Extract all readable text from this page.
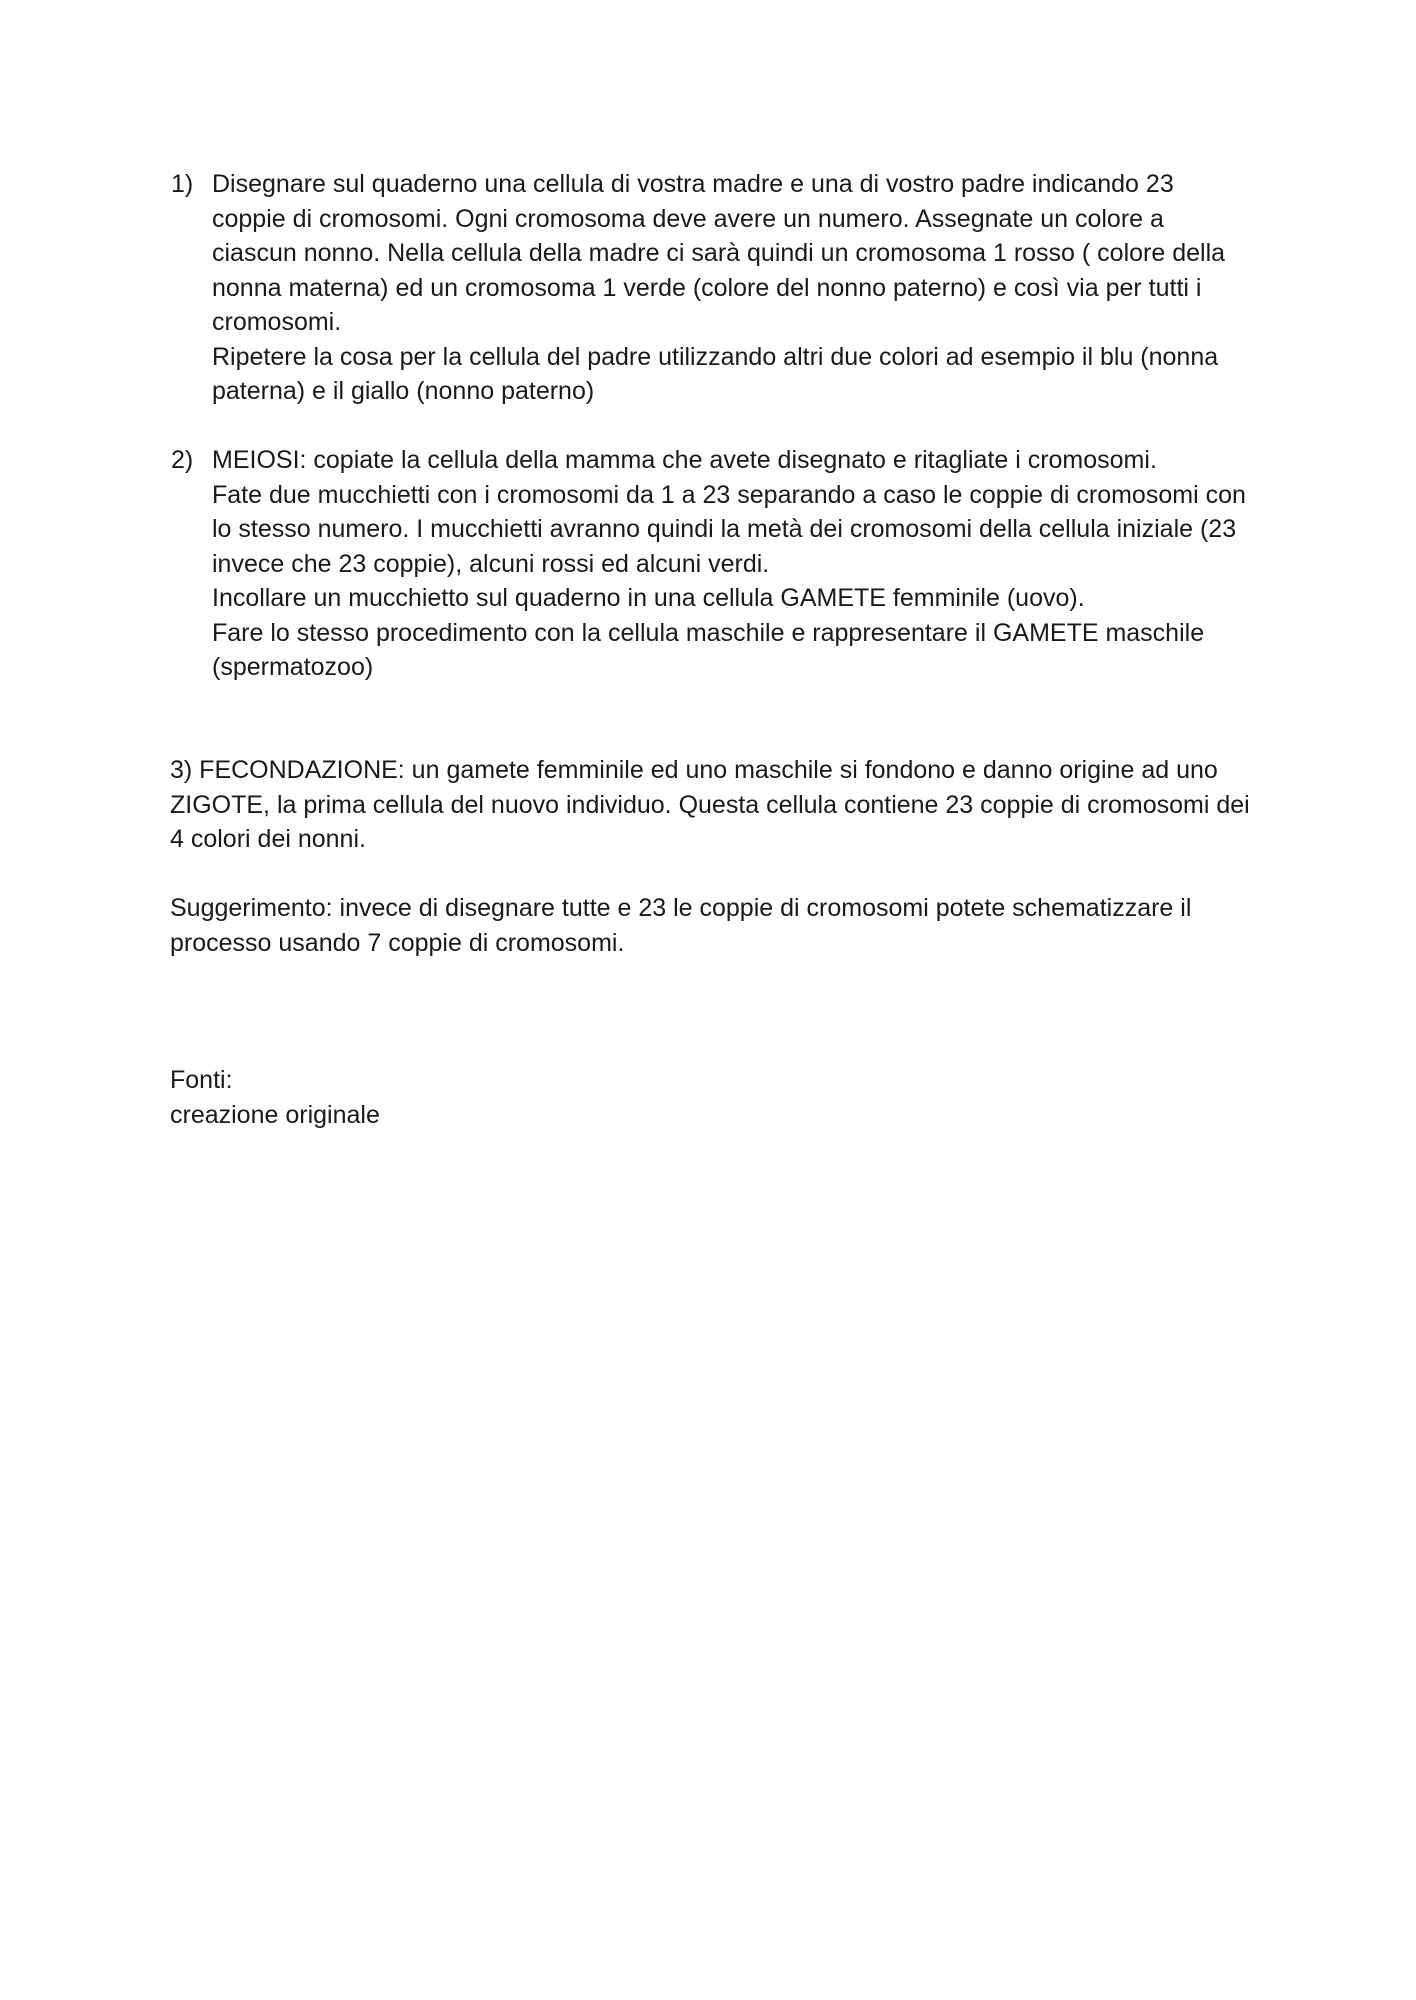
1) Disegnare sul quaderno una cellula di vostra madre e una di vostro padre indicando 23 coppie di cromosomi. Ogni cromosoma deve avere un numero. Assegnate un colore a ciascun nonno. Nella cellula della madre ci sarà quindi un cromosoma 1 rosso ( colore della nonna materna) ed un cromosoma 1 verde (colore del nonno paterno) e così via per tutti i cromosomi.

Ripetere la cosa per la cellula del padre utilizzando altri due colori ad esempio il blu (nonna paterna) e il giallo (nonno paterno)

2) MEIOSI: copiate la cellula della mamma che avete disegnato e ritagliate i cromosomi.

Fate due mucchietti con i cromosomi da 1 a 23 separando a caso le coppie di cromosomi con lo stesso numero. I mucchietti avranno quindi la metà dei cromosomi della cellula iniziale (23 invece che 23 coppie), alcuni rossi ed alcuni verdi.

Incollare un mucchietto sul quaderno in una cellula GAMETE femminile (uovo).

Fare lo stesso procedimento con la cellula maschile e rappresentare il GAMETE maschile (spermatozoo)

3) FECONDAZIONE: un gamete femminile ed uno maschile si fondono e danno origine ad uno ZIGOTE, la prima cellula del nuovo individuo. Questa cellula contiene 23 coppie di cromosomi dei 4 colori dei nonni.

Suggerimento: invece di disegnare tutte e 23 le coppie di cromosomi potete schematizzare il processo usando 7 coppie di cromosomi.

Fonti:

creazione originale
